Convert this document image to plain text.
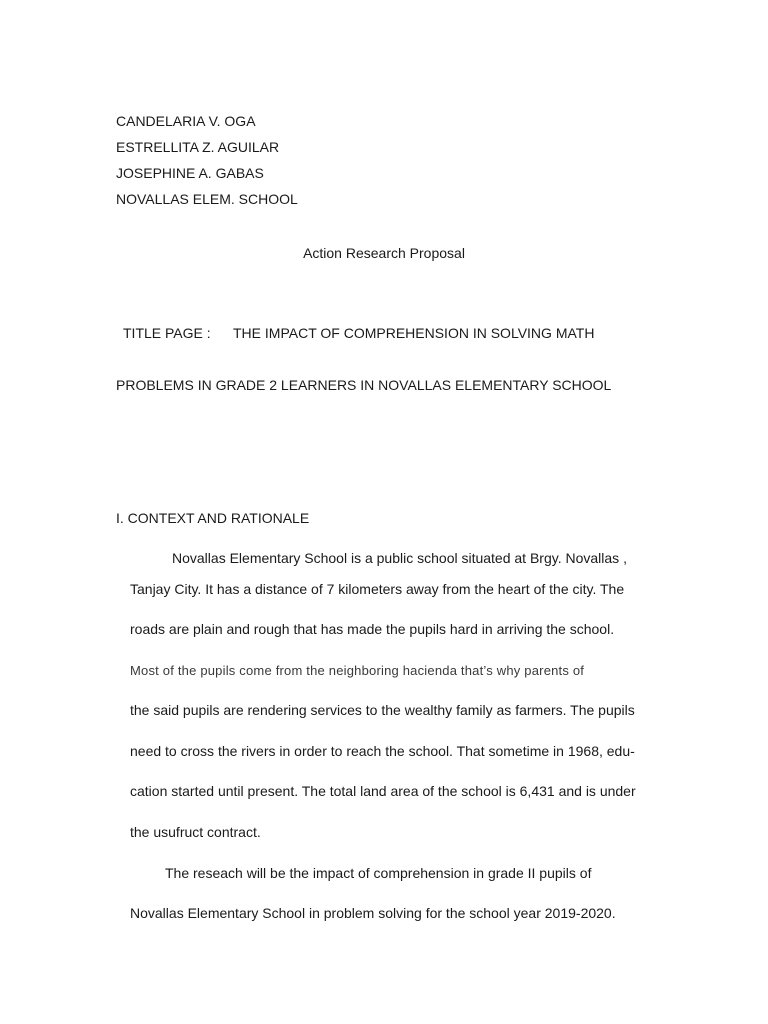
CANDELARIA V. OGA
ESTRELLITA Z. AGUILAR
JOSEPHINE A. GABAS
NOVALLAS ELEM. SCHOOL
Action Research Proposal
TITLE PAGE : THE IMPACT OF COMPREHENSION IN SOLVING MATH
PROBLEMS IN GRADE 2 LEARNERS IN NOVALLAS ELEMENTARY SCHOOL
I. CONTEXT AND RATIONALE
Novallas Elementary School is a public school situated at Brgy. Novallas ,
Tanjay City. It has a distance of 7 kilometers away from the heart of the city. The
roads are plain and rough that has made the pupils hard in arriving the school.
Most of the pupils come from the neighboring hacienda that’s why parents of
the said pupils are rendering services to the wealthy family as farmers. The pupils
need to cross the rivers in order to reach the school. That sometime in 1968, edu-
cation started until present. The total land area of the school is 6,431 and is under
the usufruct contract.
The reseach will be the impact of comprehension in grade II pupils of
Novallas Elementary School in problem solving for the school year 2019-2020.
